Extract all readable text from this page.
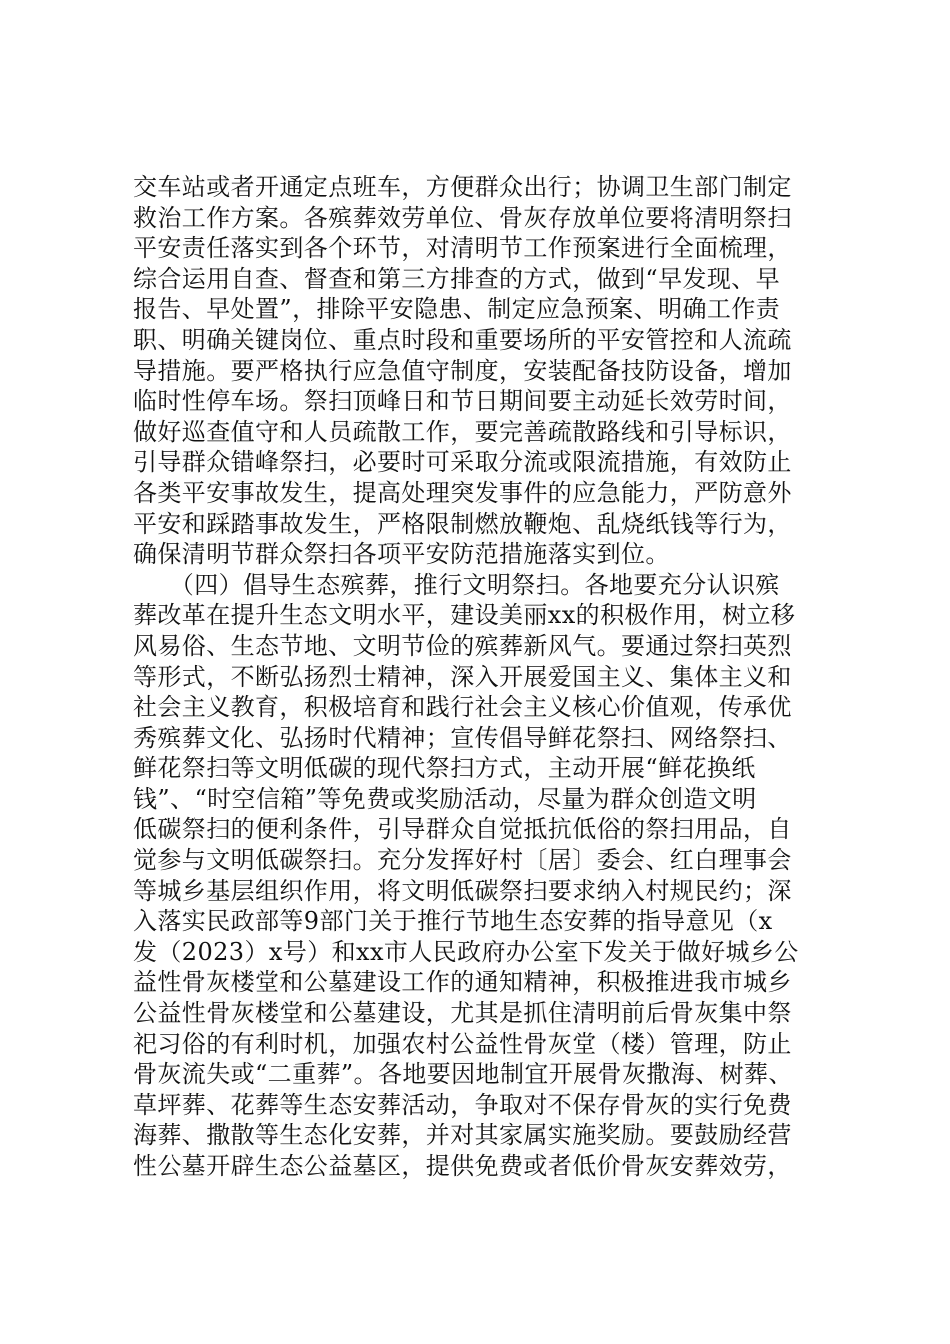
交车站或者开通定点班车，方便群众出行；协调卫生部门制定
救治工作方案。各殡葬效劳单位、骨灰存放单位要将清明祭扫
平安责任落实到各个环节，对清明节工作预案进行全面梳理，
综合运用自查、督查和第三方排查的方式，做到“早发现、早
报告、早处置”，排除平安隐患、制定应急预案、明确工作责
职、明确关键岗位、重点时段和重要场所的平安管控和人流疏
导措施。要严格执行应急值守制度，安装配备技防设备，增加
临时性停车场。祭扫顶峰日和节日期间要主动延长效劳时间，
做好巡查值守和人员疏散工作，要完善疏散路线和引导标识，
引导群众错峰祭扫，必要时可采取分流或限流措施，有效防止
各类平安事故发生，提高处理突发事件的应急能力，严防意外
平安和踩踏事故发生，严格限制燃放鞭炮、乱烧纸钱等行为，
确保清明节群众祭扫各项平安防范措施落实到位。
　　（四）倡导生态殡葬，推行文明祭扫。各地要充分认识殡
葬改革在提升生态文明水平，建设美丽xx的积极作用，树立移
风易俗、生态节地、文明节俭的殡葬新风气。要通过祭扫英烈
等形式，不断弘扬烈士精神，深入开展爱国主义、集体主义和
社会主义教育，积极培育和践行社会主义核心价值观，传承优
秀殡葬文化、弘扬时代精神；宣传倡导鲜花祭扫、网络祭扫、
鲜花祭扫等文明低碳的现代祭扫方式，主动开展“鲜花换纸
钱”、“时空信箱”等免费或奖励活动，尽量为群众创造文明
低碳祭扫的便利条件，引导群众自觉抵抗低俗的祭扫用品，自
觉参与文明低碳祭扫。充分发挥好村〔居〕委会、红白理事会
等城乡基层组织作用，将文明低碳祭扫要求纳入村规民约；深
入落实民政部等9部门关于推行节地生态安葬的指导意见（x
发（2023）x号）和xx市人民政府办公室下发关于做好城乡公
益性骨灰楼堂和公墓建设工作的通知精神，积极推进我市城乡
公益性骨灰楼堂和公墓建设，尤其是抓住清明前后骨灰集中祭
祀习俗的有利时机，加强农村公益性骨灰堂（楼）管理，防止
骨灰流失或“二重葬”。各地要因地制宜开展骨灰撒海、树葬、
草坪葬、花葬等生态安葬活动，争取对不保存骨灰的实行免费
海葬、撒散等生态化安葬，并对其家属实施奖励。要鼓励经营
性公墓开辟生态公益墓区，提供免费或者低价骨灰安葬效劳，
